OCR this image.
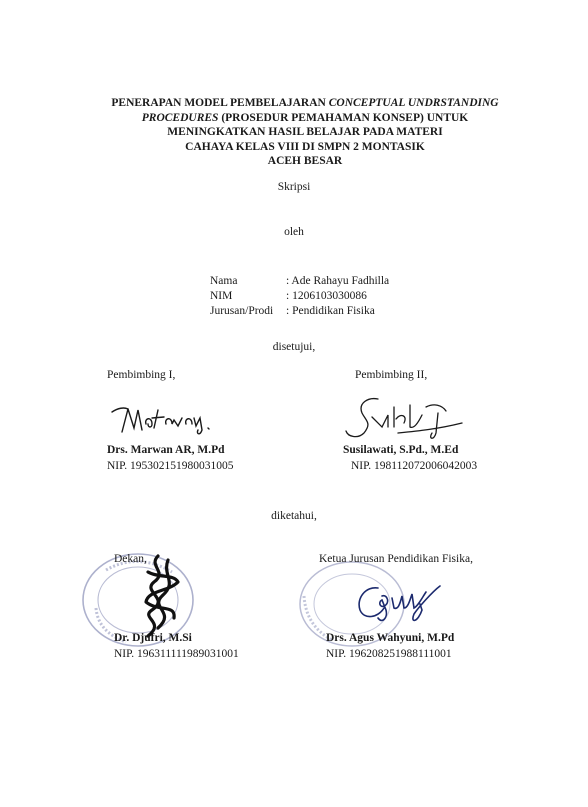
PENERAPAN MODEL PEMBELAJARAN CONCEPTUAL UNDRSTANDING
PROCEDURES (PROSEDUR PEMAHAMAN KONSEP) UNTUK
MENINGKATKAN HASIL BELAJAR PADA MATERI
CAHAYA KELAS VIII DI SMPN 2 MONTASIK
ACEH BESAR
Skripsi
oleh
Nama	: Ade Rahayu Fadhilla
NIM	: 1206103030086
Jurusan/Prodi : Pendidikan Fisika
disetujui,
Pembimbing I,	Pembimbing II,
Drs. Marwan AR, M.Pd
NIP. 195302151980031005
Susilawati, S.Pd., M.Ed
NIP. 198112072006042003
diketahui,
Dekan,	Ketua Jurusan Pendidikan Fisika,
Dr. Djufri, M.Si
NIP. 196311111989031001
Drs. Agus Wahyuni, M.Pd
NIP. 196208251988111001
